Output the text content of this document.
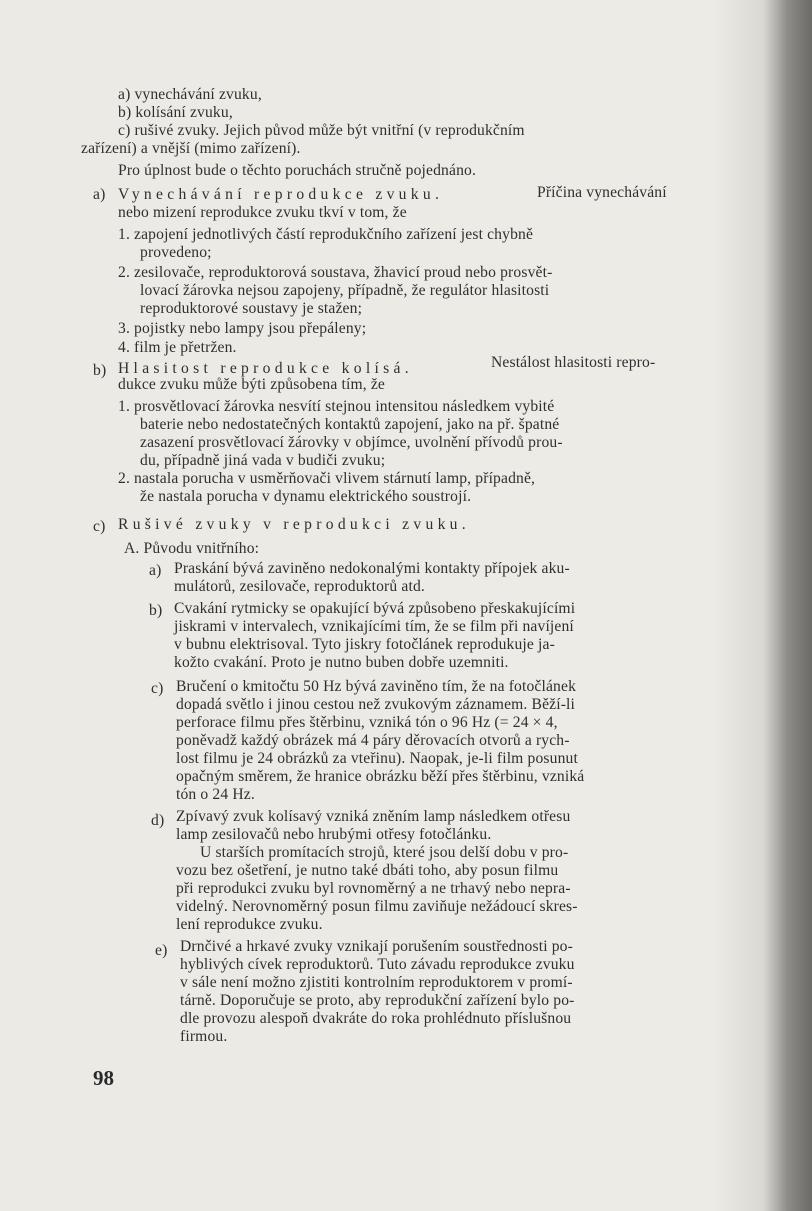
a) vynechávání zvuku,
b) kolísání zvuku,
c) rušivé zvuky. Jejich původ může být vnitřní (v reprodukčním
zařízení) a vnější (mimo zařízení).
Pro úplnost bude o těchto poruchách stručně pojednáno.
a) Vynechávání reprodukce zvuku.	Příčina vynechávání
nebo mizení reprodukce zvuku tkví v tom, že
1. zapojení jednotlivých částí reprodukčního zařízení jest chybně
provedeno;
2. zesilovače, reproduktorová soustava, žhavicí proud nebo prosvět-
lovací žárovka nejsou zapojeny, případně, že regulátor hlasitosti
reproduktorové soustavy je stažen;
3. pojistky nebo lampy jsou přepáleny;
4. film je přetržen.
b) Hlasitost reprodukce kolísá.	Nestálost hlasitosti repro-
dukce zvuku může býti způsobena tím, že
1. prosvětlovací žárovka nesvítí stejnou intensitou následkem vybité
baterie nebo nedostatečných kontaktů zapojení, jako na př. špatné
zasazení prosvětlovací žárovky v objímce, uvolnění přívodů prou-
du, případně jiná vada v budiči zvuku;
2. nastala porucha v usměrňovači vlivem stárnutí lamp, případně,
že nastala porucha v dynamu elektrického soustrojí.
c) Rušivé zvuky v reprodukci zvuku.
A. Původu vnitřního:
a) Praskání bývá zaviněno nedokonalými kontakty přípojek aku-
mulátorů, zesilovače, reproduktorů atd.
b) Cvakání rytmicky se opakující bývá způsobeno přeskakujícími
jiskrami v intervalech, vznikajícími tím, že se film při navíjení
v bubnu elektrisoval. Tyto jiskry fotočlánek reprodukuje ja-
kožto cvakání. Proto je nutno buben dobře uzemniti.
c) Bručení o kmitočtu 50 Hz bývá zaviněno tím, že na fotočlánek
dopadá světlo i jinou cestou než zvukovým záznamem. Běží-li
perforace filmu přes štěrbinu, vzniká tón o 96 Hz (= 24 × 4,
poněvadž každý obrázek má 4 páry děrovacích otvorů a rych-
lost filmu je 24 obrázků za vteřinu). Naopak, je-li film posunut
opačným směrem, že hranice obrázku běží přes štěrbinu, vzniká
tón o 24 Hz.
d) Zpívavý zvuk kolísavý vzniká zněním lamp následkem otřesu
lamp zesilovačů nebo hrubými otřesy fotočlánku.
U starších promítacích strojů, které jsou delší dobu v pro-
vozu bez ošetření, je nutno také dbáti toho, aby posun filmu
při reprodukci zvuku byl rovnoměrný a ne trhavý nebo nepra-
videlný. Nerovnoměrný posun filmu zaviňuje nežádoucí skres-
lení reprodukce zvuku.
e) Drnčivé a hrkavé zvuky vznikají porušením soustřednosti po-
hyblivých cívek reproduktorů. Tuto závadu reprodukce zvuku
v sále není možno zjistiti kontrolním reproduktorem v promí-
tárně. Doporučuje se proto, aby reprodukční zařízení bylo po-
dle provozu alespoň dvakráte do roka prohlédnuto příslušnou
firmou.
98
